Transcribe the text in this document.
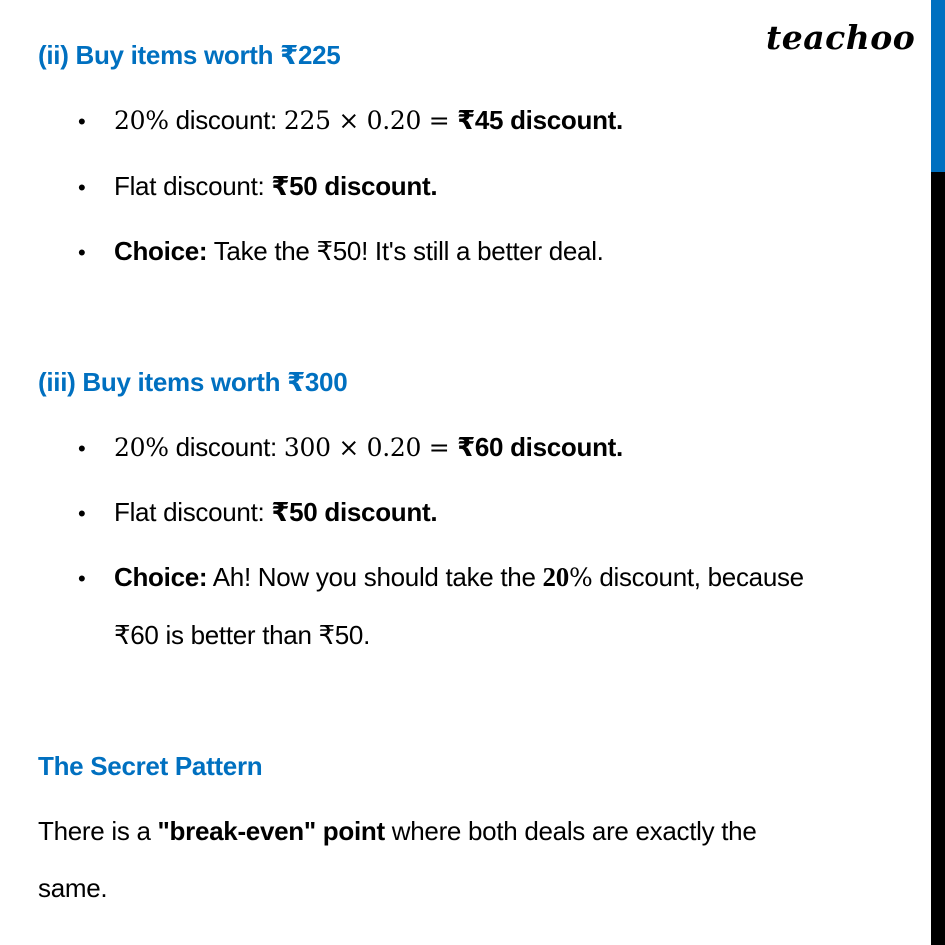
teachoo
(ii) Buy items worth ₹225
• 20% discount: 225 × 0.20 = ₹45 discount.
• Flat discount: ₹50 discount.
• Choice: Take the ₹50! It's still a better deal.
(iii) Buy items worth ₹300
• 20% discount: 300 × 0.20 = ₹60 discount.
• Flat discount: ₹50 discount.
• Choice: Ah! Now you should take the 20% discount, because
₹60 is better than ₹50.
The Secret Pattern
There is a "break-even" point where both deals are exactly the
same.
